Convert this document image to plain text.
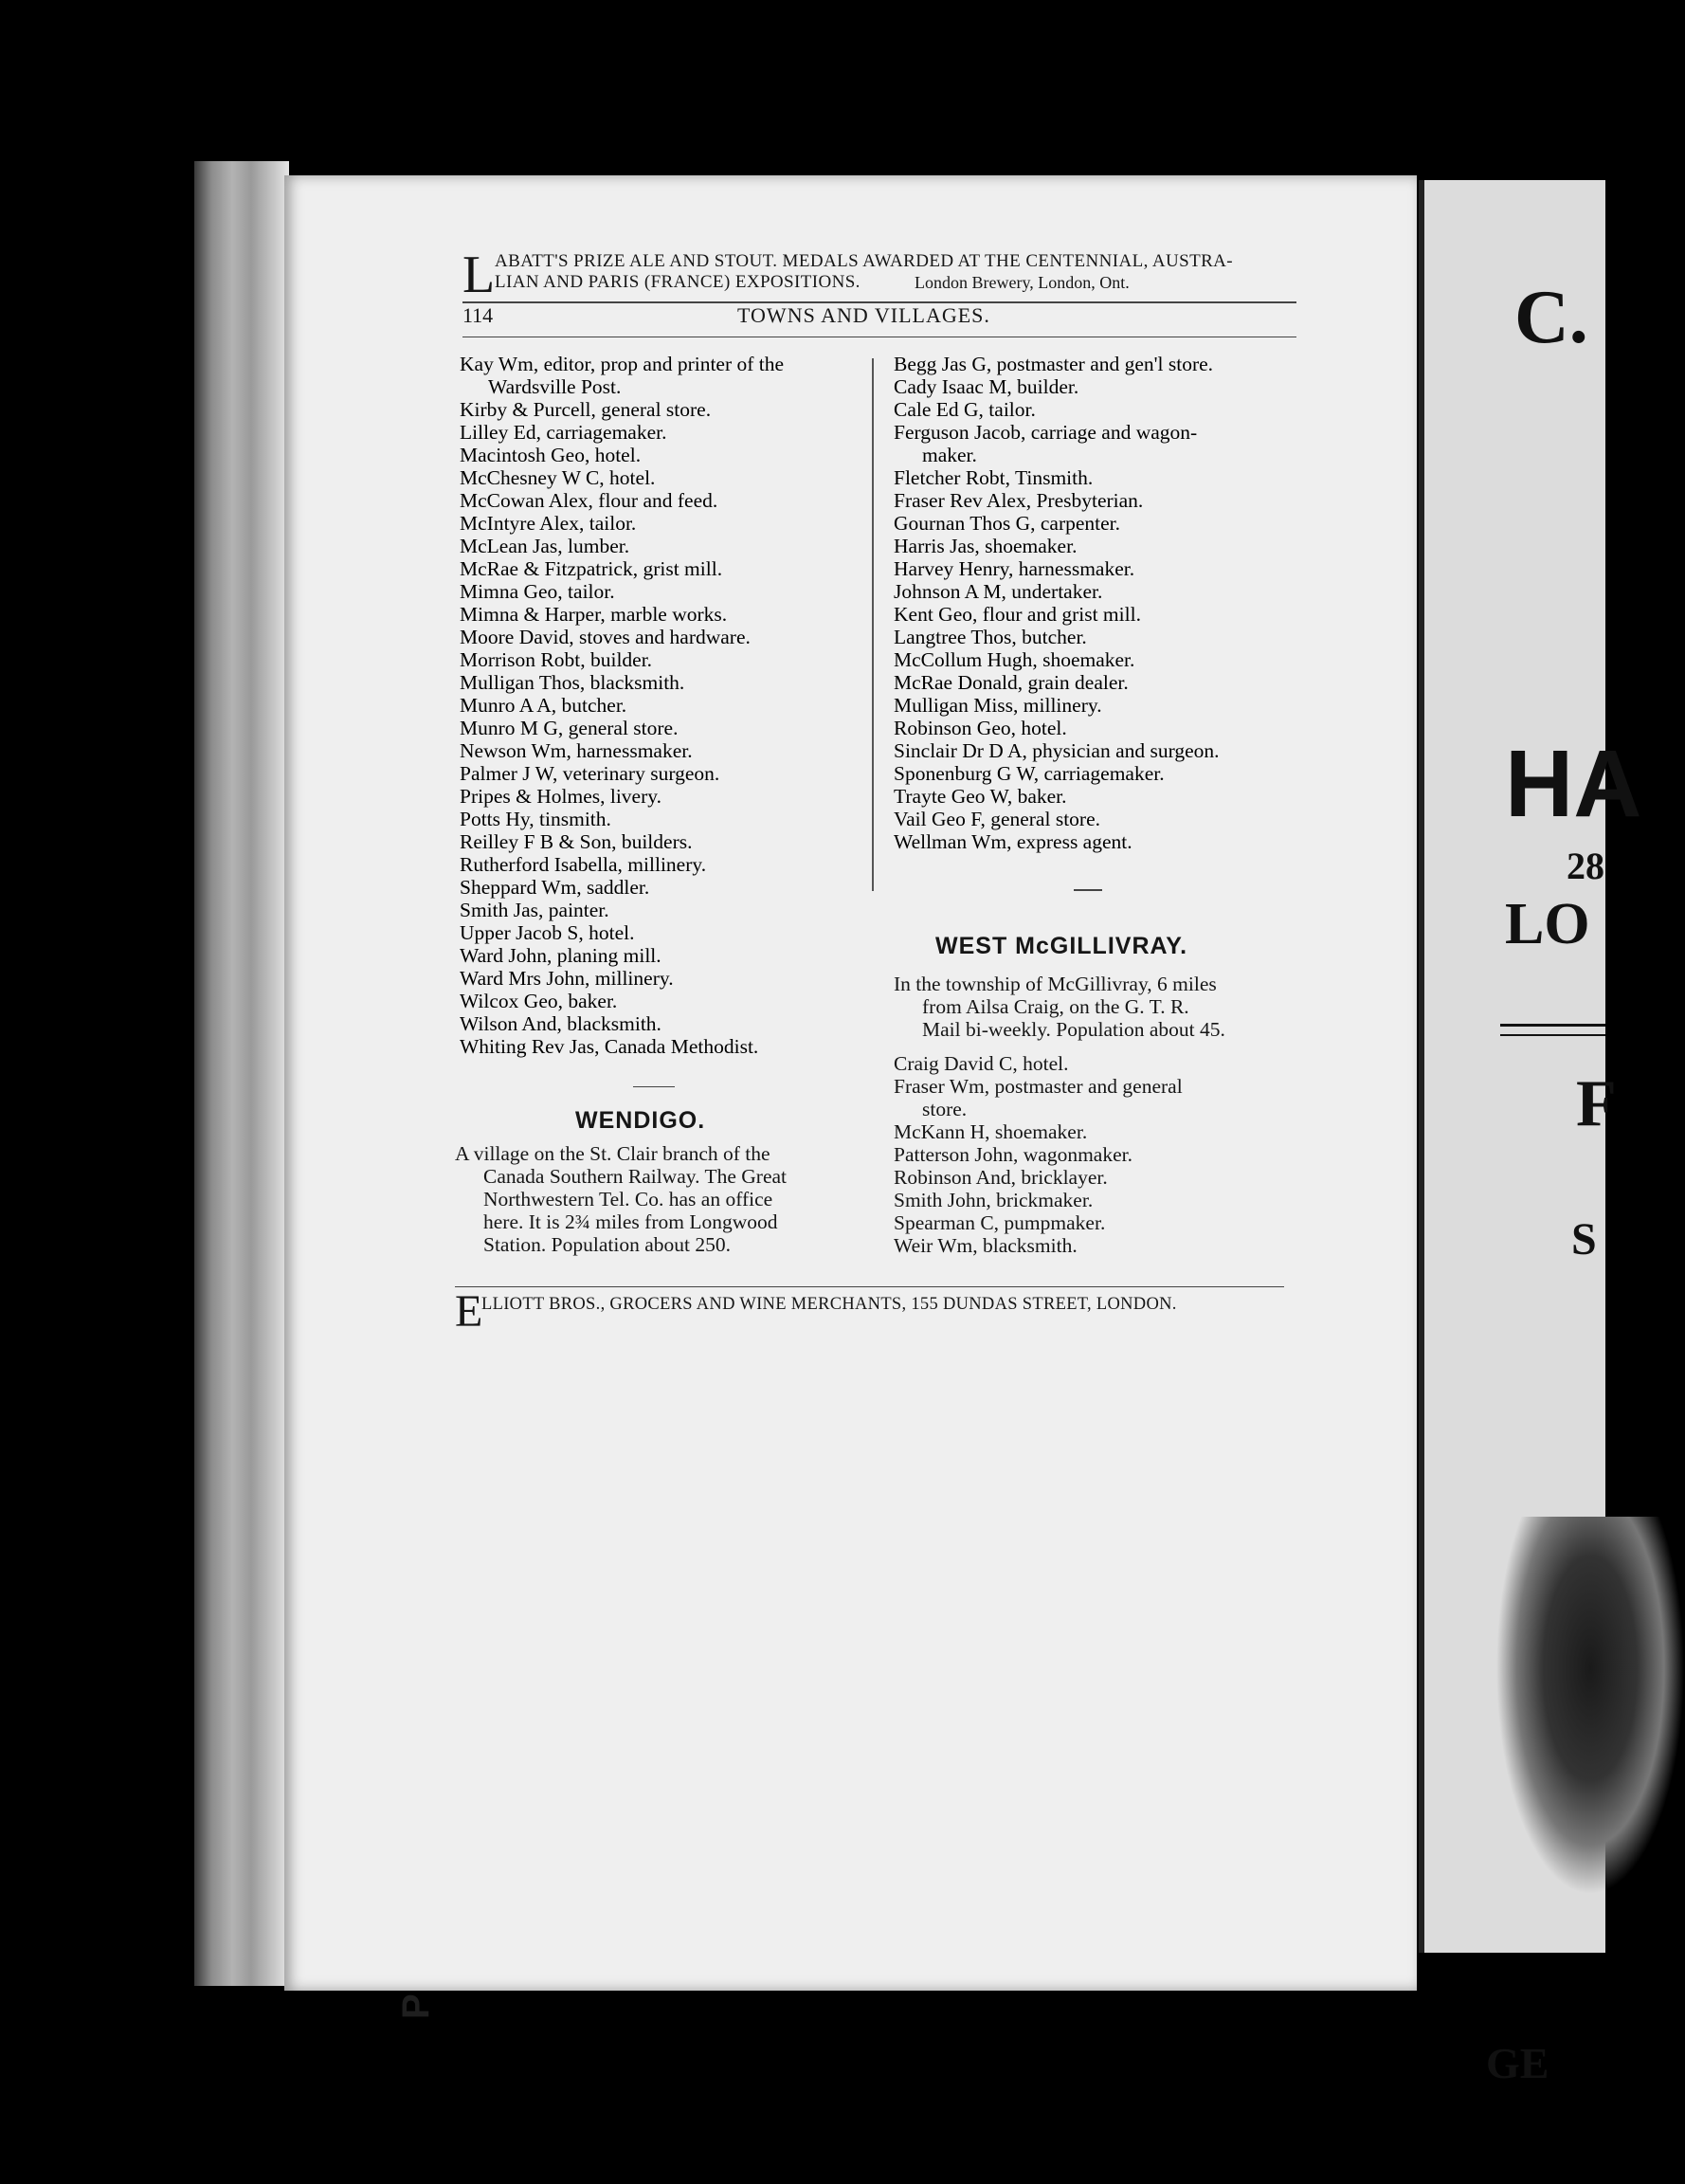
C.
HA
28
LO
F
S
GE
L ABATT'S PRIZE ALE AND STOUT. MEDALS AWARDED AT THE CENTENNIAL, AUSTRA-
LIAN AND PARIS (FRANCE) EXPOSITIONS.	London Brewery, London, Ont.
114	TOWNS AND VILLAGES.
Kay Wm, editor, prop and printer of the
Wardsville Post.
Kirby & Purcell, general store.
Lilley Ed, carriagemaker.
Macintosh Geo, hotel.
McChesney W C, hotel.
McCowan Alex, flour and feed.
McIntyre Alex, tailor.
McLean Jas, lumber.
McRae & Fitzpatrick, grist mill.
Mimna Geo, tailor.
Mimna & Harper, marble works.
Moore David, stoves and hardware.
Morrison Robt, builder.
Mulligan Thos, blacksmith.
Munro A A, butcher.
Munro M G, general store.
Newson Wm, harnessmaker.
Palmer J W, veterinary surgeon.
Pripes & Holmes, livery.
Potts Hy, tinsmith.
Reilley F B & Son, builders.
Rutherford Isabella, millinery.
Sheppard Wm, saddler.
Smith Jas, painter.
Upper Jacob S, hotel.
Ward John, planing mill.
Ward Mrs John, millinery.
Wilcox Geo, baker.
Wilson And, blacksmith.
Whiting Rev Jas, Canada Methodist.
WENDIGO.
A village on the St. Clair branch of the
Canada Southern Railway. The Great
Northwestern Tel. Co. has an office
here. It is 2¾ miles from Longwood
Station. Population about 250.
Begg Jas G, postmaster and gen'l store.
Cady Isaac M, builder.
Cale Ed G, tailor.
Ferguson Jacob, carriage and wagon-
maker.
Fletcher Robt, Tinsmith.
Fraser Rev Alex, Presbyterian.
Gournan Thos G, carpenter.
Harris Jas, shoemaker.
Harvey Henry, harnessmaker.
Johnson A M, undertaker.
Kent Geo, flour and grist mill.
Langtree Thos, butcher.
McCollum Hugh, shoemaker.
McRae Donald, grain dealer.
Mulligan Miss, millinery.
Robinson Geo, hotel.
Sinclair Dr D A, physician and surgeon.
Sponenburg G W, carriagemaker.
Trayte Geo W, baker.
Vail Geo F, general store.
Wellman Wm, express agent.
WEST McGILLIVRAY.
In the township of McGillivray, 6 miles
from Ailsa Craig, on the G. T. R.
Mail bi-weekly. Population about 45.
Craig David C, hotel.
Fraser Wm, postmaster and general
store.
McKann H, shoemaker.
Patterson John, wagonmaker.
Robinson And, bricklayer.
Smith John, brickmaker.
Spearman C, pumpmaker.
Weir Wm, blacksmith.
E
LLIOTT BROS., GROCERS AND WINE MERCHANTS, 155 DUNDAS STREET, LONDON.
